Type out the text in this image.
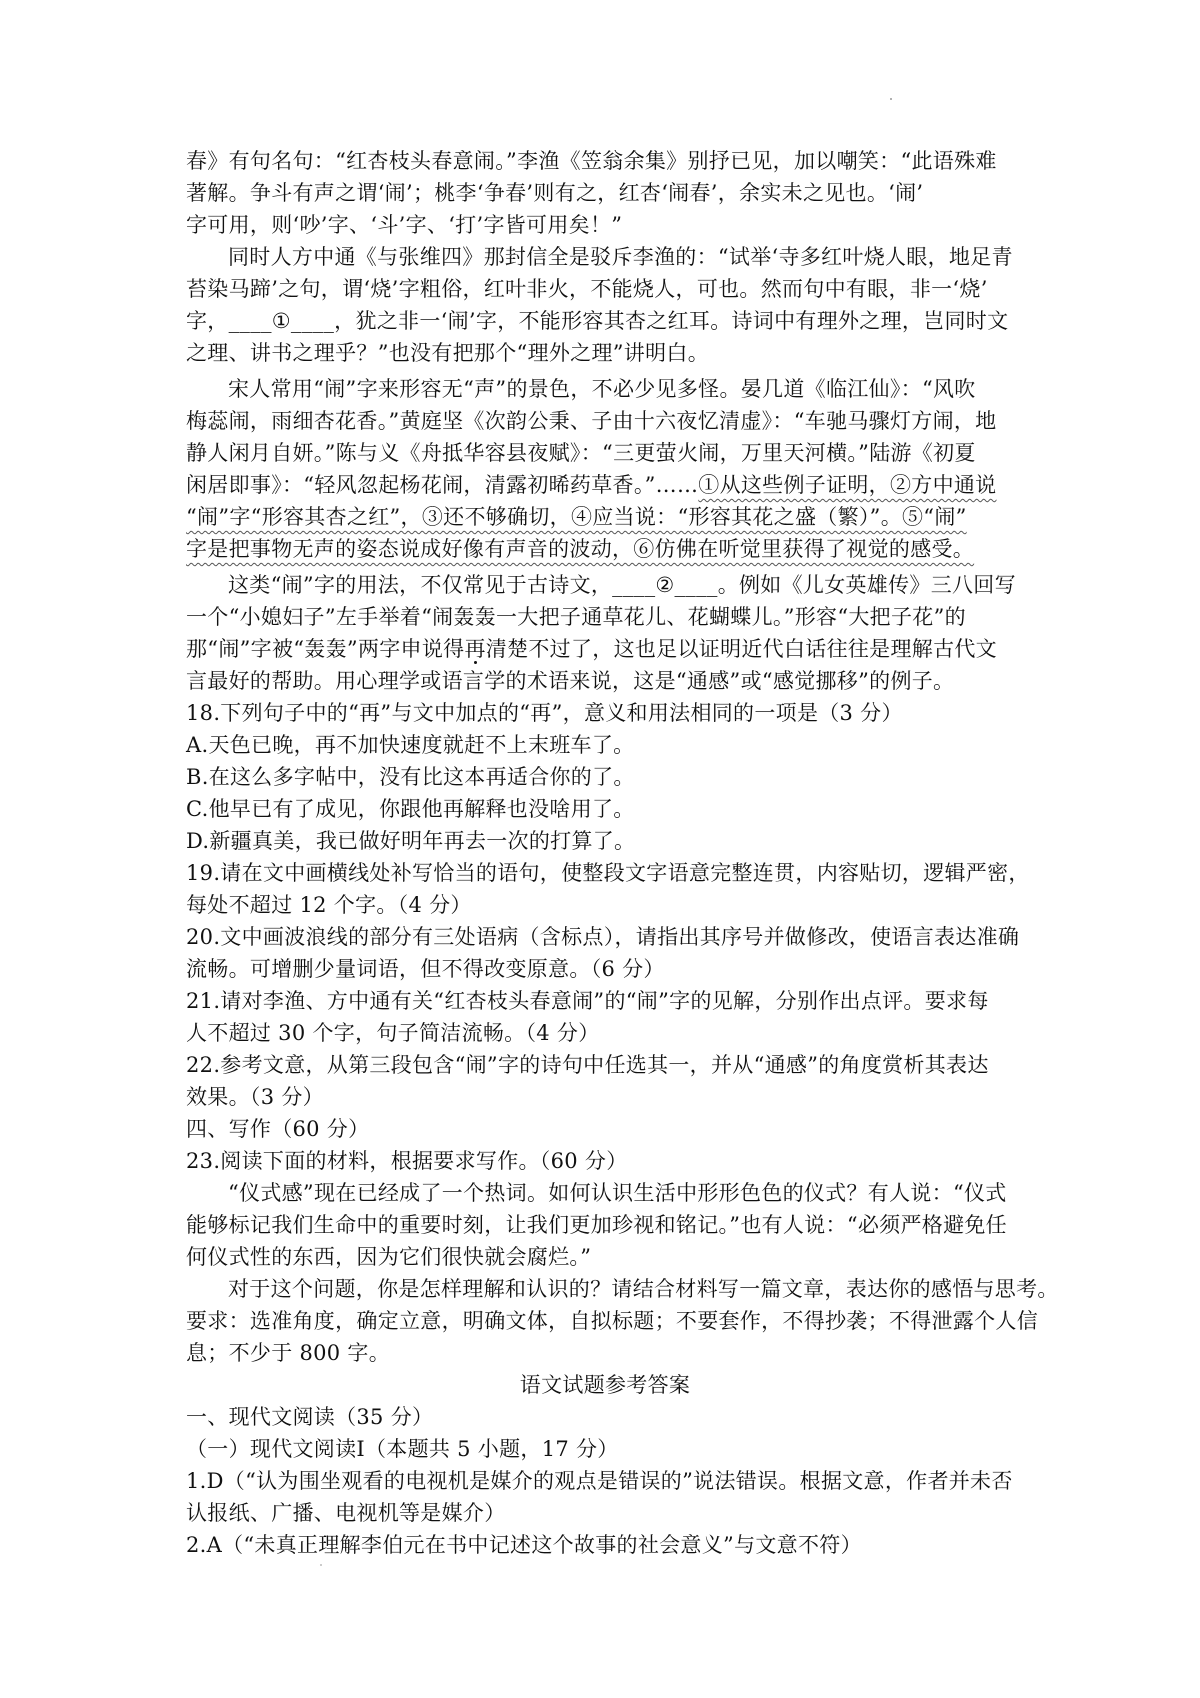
春》有句名句：“红杏枝头春意闹。”李渔《笠翁余集》别抒已见，加以嘲笑：“此语殊难
著解。争斗有声之谓‘闹’；桃李‘争春’则有之，红杏‘闹春’，余实未之见也。‘闹’
字可用，则‘吵’字、‘斗’字、‘打’字皆可用矣！”
同时人方中通《与张维四》那封信全是驳斥李渔的：“试举‘寺多红叶烧人眼，地足青
苔染马蹄’之句，谓‘烧’字粗俗，红叶非火，不能烧人，可也。然而句中有眼，非一‘烧’
字，____①____，犹之非一‘闹’字，不能形容其杏之红耳。诗词中有理外之理，岂同时文
之理、讲书之理乎？”也没有把那个“理外之理”讲明白。
宋人常用“闹”字来形容无“声”的景色，不必少见多怪。晏几道《临江仙》：“风吹
梅蕊闹，雨细杏花香。”黄庭坚《次韵公秉、子由十六夜忆清虚》：“车驰马骤灯方闹，地
静人闲月自妍。”陈与义《舟抵华容县夜赋》：“三更萤火闹，万里天河横。”陆游《初夏
闲居即事》：“轻风忽起杨花闹，清露初晞药草香。”……①从这些例子证明，②方中通说
“闹”字“形容其杏之红”，③还不够确切，④应当说：“形容其花之盛（繁）”。⑤“闹”
字是把事物无声的姿态说成好像有声音的波动，⑥仿佛在听觉里获得了视觉的感受。
这类“闹”字的用法，不仅常见于古诗文，____②____。例如《儿女英雄传》三八回写
一个“小媳妇子”左手举着“闹轰轰一大把子通草花儿、花蝴蝶儿。”形容“大把子花”的
那“闹”字被“轰轰”两字申说得再清楚不过了，这也足以证明近代白话往往是理解古代文
言最好的帮助。用心理学或语言学的术语来说，这是“通感”或“感觉挪移”的例子。
18.下列句子中的“再”与文中加点的“再”，意义和用法相同的一项是（3 分）
A.天色已晚，再不加快速度就赶不上末班车了。
B.在这么多字帖中，没有比这本再适合你的了。
C.他早已有了成见，你跟他再解释也没啥用了。
D.新疆真美，我已做好明年再去一次的打算了。
19.请在文中画横线处补写恰当的语句，使整段文字语意完整连贯，内容贴切，逻辑严密，
每处不超过 12 个字。（4 分）
20.文中画波浪线的部分有三处语病（含标点），请指出其序号并做修改，使语言表达准确
流畅。可增删少量词语，但不得改变原意。（6 分）
21.请对李渔、方中通有关“红杏枝头春意闹”的“闹”字的见解，分别作出点评。要求每
人不超过 30 个字，句子简洁流畅。（4 分）
22.参考文意，从第三段包含“闹”字的诗句中任选其一，并从“通感”的角度赏析其表达
效果。（3 分）
四、写作（60 分）
23.阅读下面的材料，根据要求写作。（60 分）
“仪式感”现在已经成了一个热词。如何认识生活中形形色色的仪式？有人说：“仪式
能够标记我们生命中的重要时刻，让我们更加珍视和铭记。”也有人说：“必须严格避免任
何仪式性的东西，因为它们很快就会腐烂。”
对于这个问题，你是怎样理解和认识的？请结合材料写一篇文章，表达你的感悟与思考。
要求：选准角度，确定立意，明确文体，自拟标题；不要套作，不得抄袭；不得泄露个人信
息；不少于 800 字。
语文试题参考答案
一、现代文阅读（35 分）
（一）现代文阅读Ⅰ（本题共 5 小题，17 分）
1.D（“认为围坐观看的电视机是媒介的观点是错误的”说法错误。根据文意，作者并未否
认报纸、广播、电视机等是媒介）
2.A（“未真正理解李伯元在书中记述这个故事的社会意义”与文意不符）
